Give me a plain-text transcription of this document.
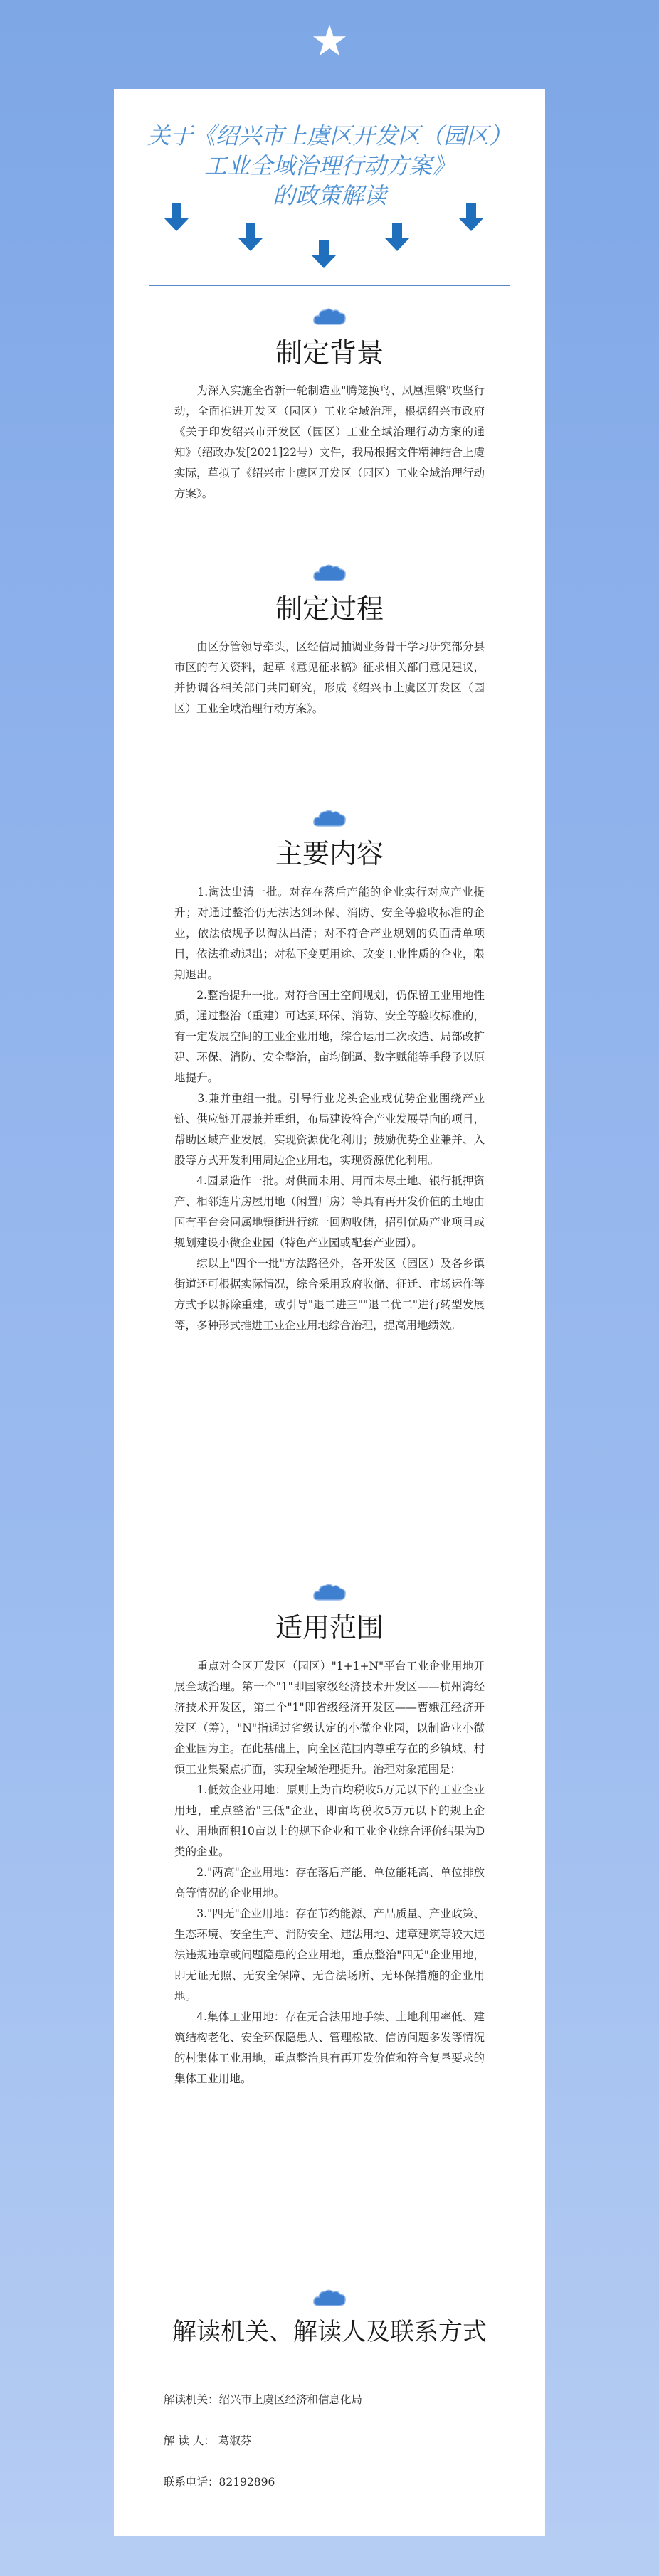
★
关于《绍兴市上虞区开发区（园区）
工业全域治理行动方案》
的政策解读
制定背景
　　为深入实施全省新一轮制造业"腾笼换鸟、凤凰涅槃"攻坚行动，全面推进开发区（园区）工业全域治理，根据绍兴市政府《关于印发绍兴市开发区（园区）工业全域治理行动方案的通知》（绍政办发[2021]22号）文件，我局根据文件精神结合上虞实际，草拟了《绍兴市上虞区开发区（园区）工业全域治理行动方案》。
制定过程
　　由区分管领导牵头，区经信局抽调业务骨干学习研究部分县市区的有关资料，起草《意见征求稿》征求相关部门意见建议，并协调各相关部门共同研究，形成《绍兴市上虞区开发区（园区）工业全域治理行动方案》。
主要内容
　　1.淘汰出清一批。对存在落后产能的企业实行对应产业提升；对通过整治仍无法达到环保、消防、安全等验收标准的企业，依法依规予以淘汰出清；对不符合产业规划的负面清单项目，依法推动退出；对私下变更用途、改变工业性质的企业，限期退出。
　　2.整治提升一批。对符合国土空间规划，仍保留工业用地性质，通过整治（重建）可达到环保、消防、安全等验收标准的，有一定发展空间的工业企业用地，综合运用二次改造、局部改扩建、环保、消防、安全整治，亩均倒逼、数字赋能等手段予以原地提升。
　　3.兼并重组一批。引导行业龙头企业或优势企业围绕产业链、供应链开展兼并重组，布局建设符合产业发展导向的项目，帮助区域产业发展，实现资源优化利用；鼓励优势企业兼并、入股等方式开发利用周边企业用地，实现资源优化利用。
　　4.园景造作一批。对供而未用、用而未尽土地、银行抵押资产、相邻连片房屋用地（闲置厂房）等具有再开发价值的土地由国有平台会同属地镇街进行统一回购收储，招引优质产业项目或规划建设小微企业园（特色产业园或配套产业园）。
　　综以上"四个一批"方法路径外，各开发区（园区）及各乡镇街道还可根据实际情况，综合采用政府收储、征迁、市场运作等方式予以拆除重建，或引导"退二进三""退二优二"进行转型发展等，多种形式推进工业企业用地综合治理，提高用地绩效。
适用范围
　　重点对全区开发区（园区）"1+1+N"平台工业企业用地开展全域治理。第一个"1"即国家级经济技术开发区——杭州湾经济技术开发区，第二个"1"即省级经济开发区——曹娥江经济开发区（筹），"N"指通过省级认定的小微企业园，以制造业小微企业园为主。在此基础上，向全区范围内尊重存在的乡镇域、村镇工业集聚点扩面，实现全域治理提升。治理对象范围是：
　　1.低效企业用地：原则上为亩均税收5万元以下的工业企业用地，重点整治"三低"企业，即亩均税收5万元以下的规上企业、用地面积10亩以上的规下企业和工业企业综合评价结果为D类的企业。
　　2."两高"企业用地：存在落后产能、单位能耗高、单位排放高等情况的企业用地。
　　3."四无"企业用地：存在节约能源、产品质量、产业政策、生态环境、安全生产、消防安全、违法用地、违章建筑等较大违法违规违章或问题隐患的企业用地，重点整治"四无"企业用地，即无证无照、无安全保障、无合法场所、无环保措施的企业用地。
　　4.集体工业用地：存在无合法用地手续、土地利用率低、建筑结构老化、安全环保隐患大、管理松散、信访问题多发等情况的村集体工业用地，重点整治具有再开发价值和符合复垦要求的集体工业用地。
解读机关、解读人及联系方式

解读机关：绍兴市上虞区经济和信息化局

解 读 人： 葛淑芬

联系电话：82192896
